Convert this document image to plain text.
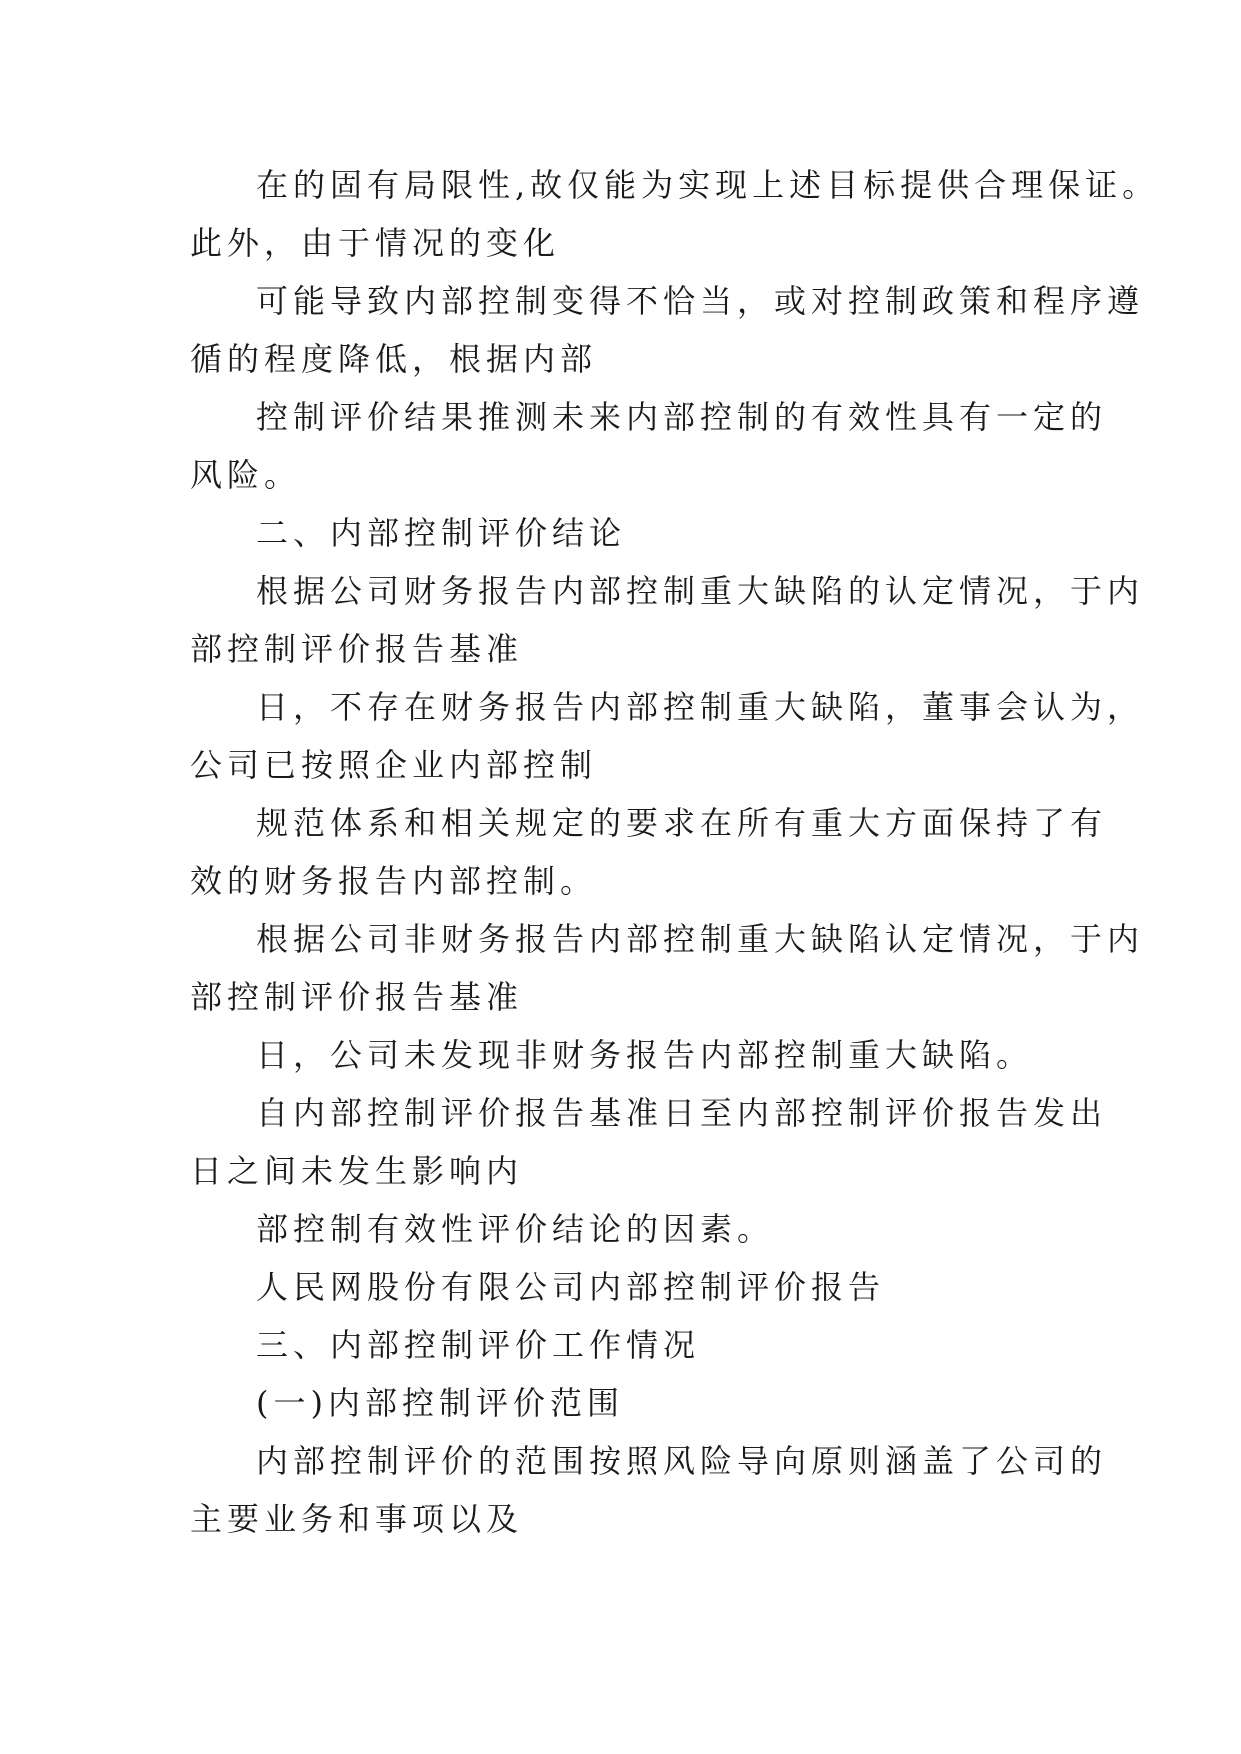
在的固有局限性,故仅能为实现上述目标提供合理保证。
此外，由于情况的变化
可能导致内部控制变得不恰当，或对控制政策和程序遵
循的程度降低，根据内部
控制评价结果推测未来内部控制的有效性具有一定的
风险。
二、内部控制评价结论
根据公司财务报告内部控制重大缺陷的认定情况，于内
部控制评价报告基准
日，不存在财务报告内部控制重大缺陷，董事会认为，
公司已按照企业内部控制
规范体系和相关规定的要求在所有重大方面保持了有
效的财务报告内部控制。
根据公司非财务报告内部控制重大缺陷认定情况，于内
部控制评价报告基准
日，公司未发现非财务报告内部控制重大缺陷。
自内部控制评价报告基准日至内部控制评价报告发出
日之间未发生影响内
部控制有效性评价结论的因素。
人民网股份有限公司内部控制评价报告
三、内部控制评价工作情况
(一)内部控制评价范围
内部控制评价的范围按照风险导向原则涵盖了公司的
主要业务和事项以及
